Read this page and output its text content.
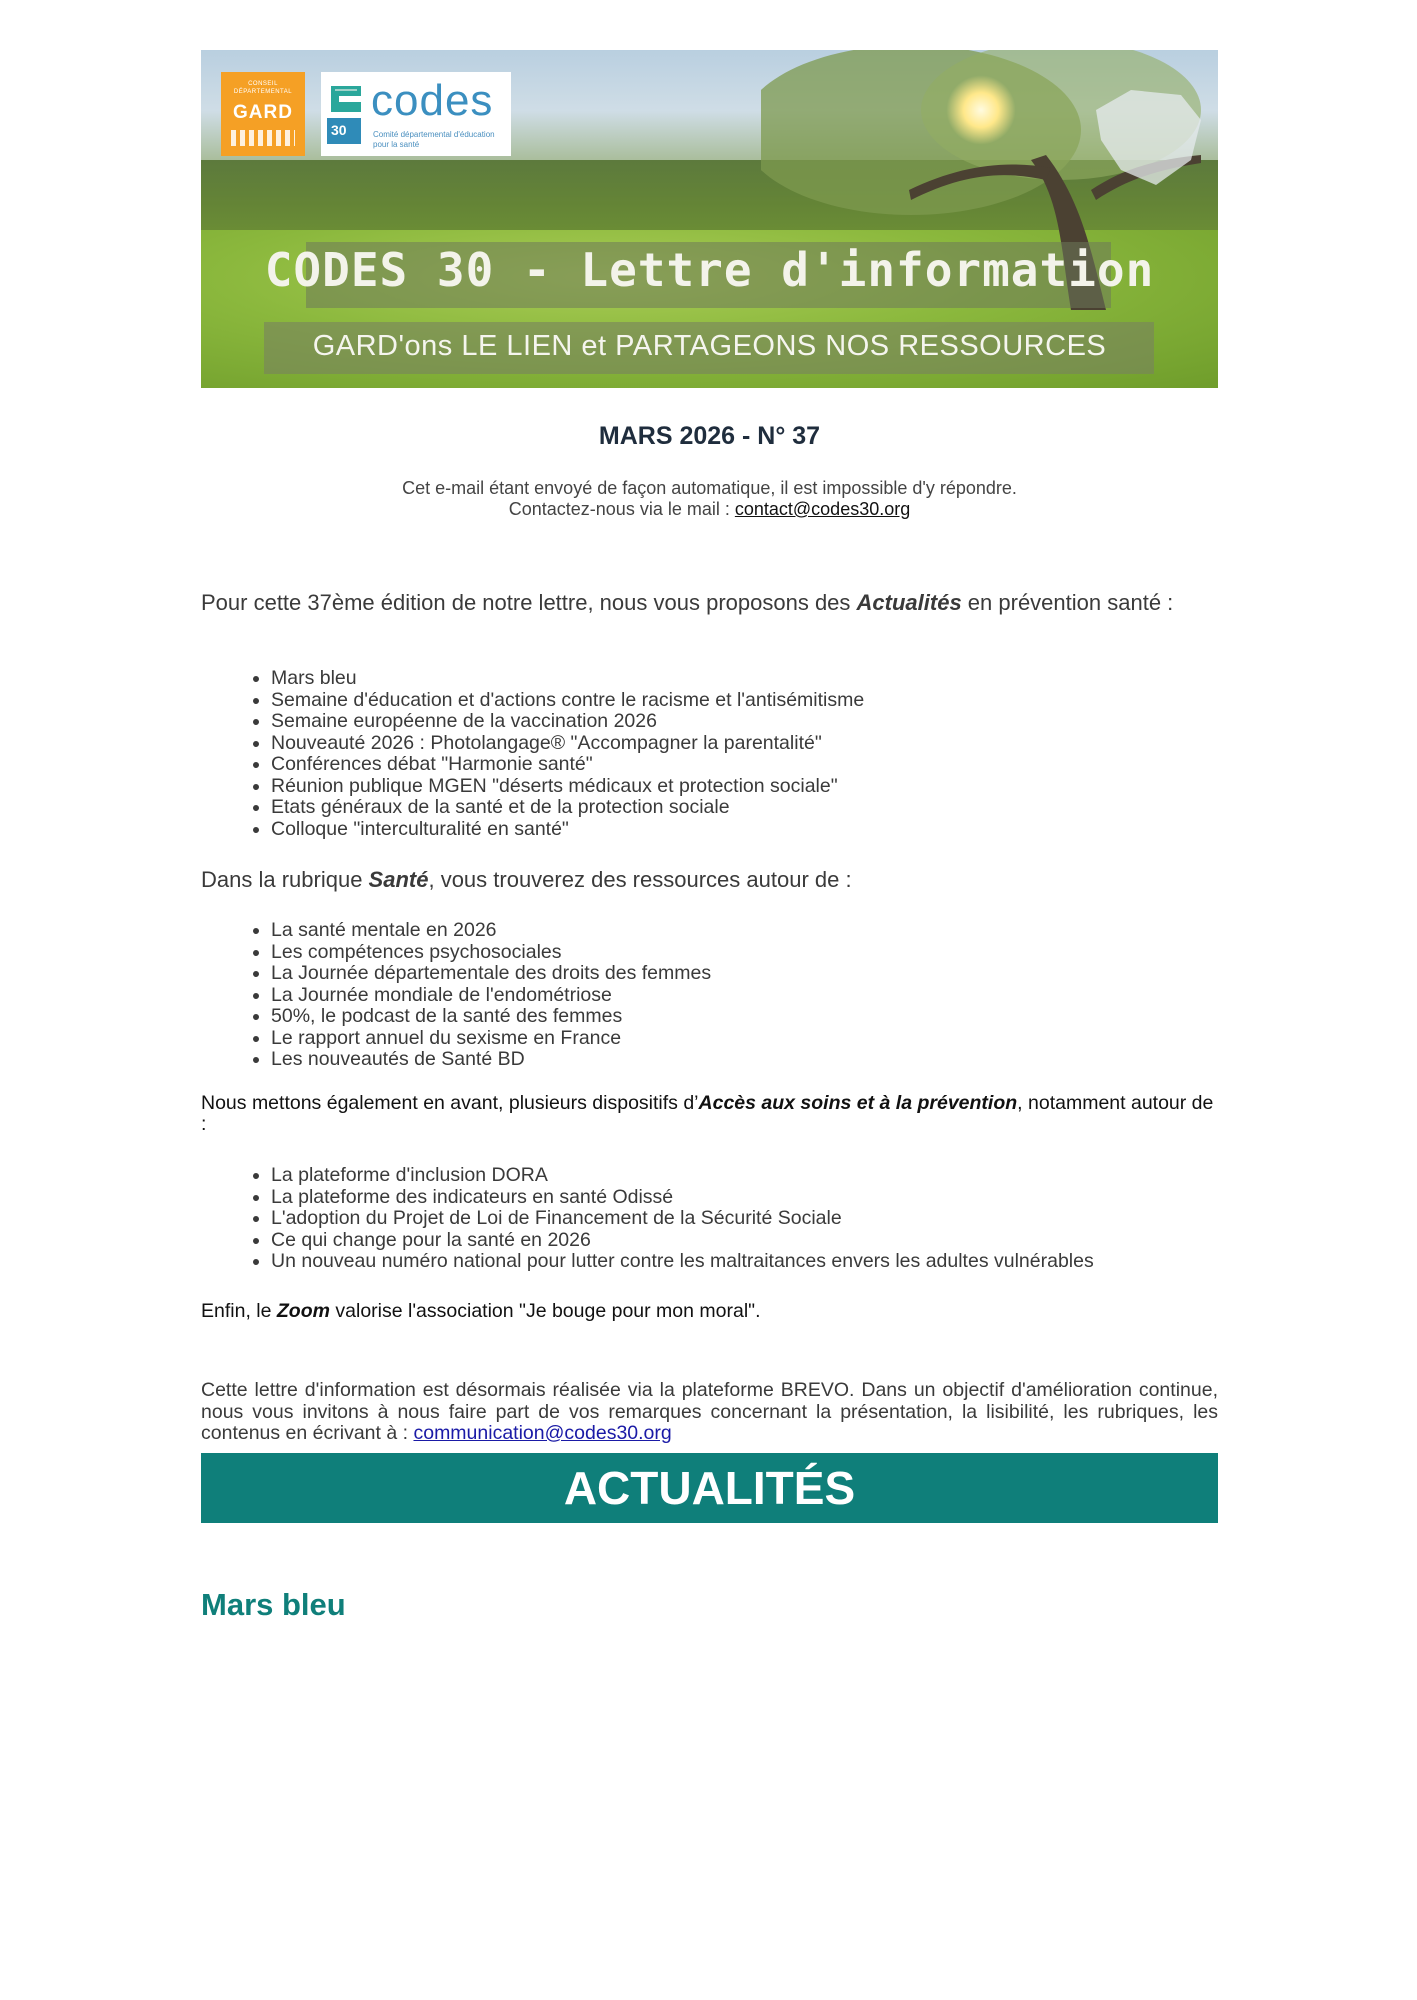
CONSEIL DÉPARTEMENTAL
GARD
30
codes
Comité départemental d'éducation pour la santé
CODES 30 - Lettre d'information
GARD'ons LE LIEN et PARTAGEONS NOS RESSOURCES
MARS 2026 - N° 37
Cet e-mail étant envoyé de façon automatique, il est impossible d'y répondre.
Contactez-nous via le mail : contact@codes30.org

Pour cette 37ème édition de notre lettre, nous vous proposons des Actualités en prévention santé :

• Mars bleu
• Semaine d'éducation et d'actions contre le racisme et l'antisémitisme
• Semaine européenne de la vaccination 2026
• Nouveauté 2026 : Photolangage® "Accompagner la parentalité"
• Conférences débat "Harmonie santé"
• Réunion publique MGEN "déserts médicaux et protection sociale"
• Etats généraux de la santé et de la protection sociale
• Colloque "interculturalité en santé"

Dans la rubrique Santé, vous trouverez des ressources autour de :

• La santé mentale en 2026
• Les compétences psychosociales
• La Journée départementale des droits des femmes
• La Journée mondiale de l'endométriose
• 50%, le podcast de la santé des femmes
• Le rapport annuel du sexisme en France
• Les nouveautés de Santé BD

Nous mettons également en avant, plusieurs dispositifs d’Accès aux soins et à la prévention, notamment autour de :

• La plateforme d'inclusion DORA
• La plateforme des indicateurs en santé Odissé
• L'adoption du Projet de Loi de Financement de la Sécurité Sociale
• Ce qui change pour la santé en 2026
• Un nouveau numéro national pour lutter contre les maltraitances envers les adultes vulnérables

Enfin, le Zoom valorise l'association "Je bouge pour mon moral".

Cette lettre d'information est désormais réalisée via la plateforme BREVO. Dans un objectif d'amélioration continue, nous vous invitons à nous faire part de vos remarques concernant la présentation, la lisibilité, les rubriques, les contenus en écrivant à : communication@codes30.org

ACTUALITÉS
Mars bleu
